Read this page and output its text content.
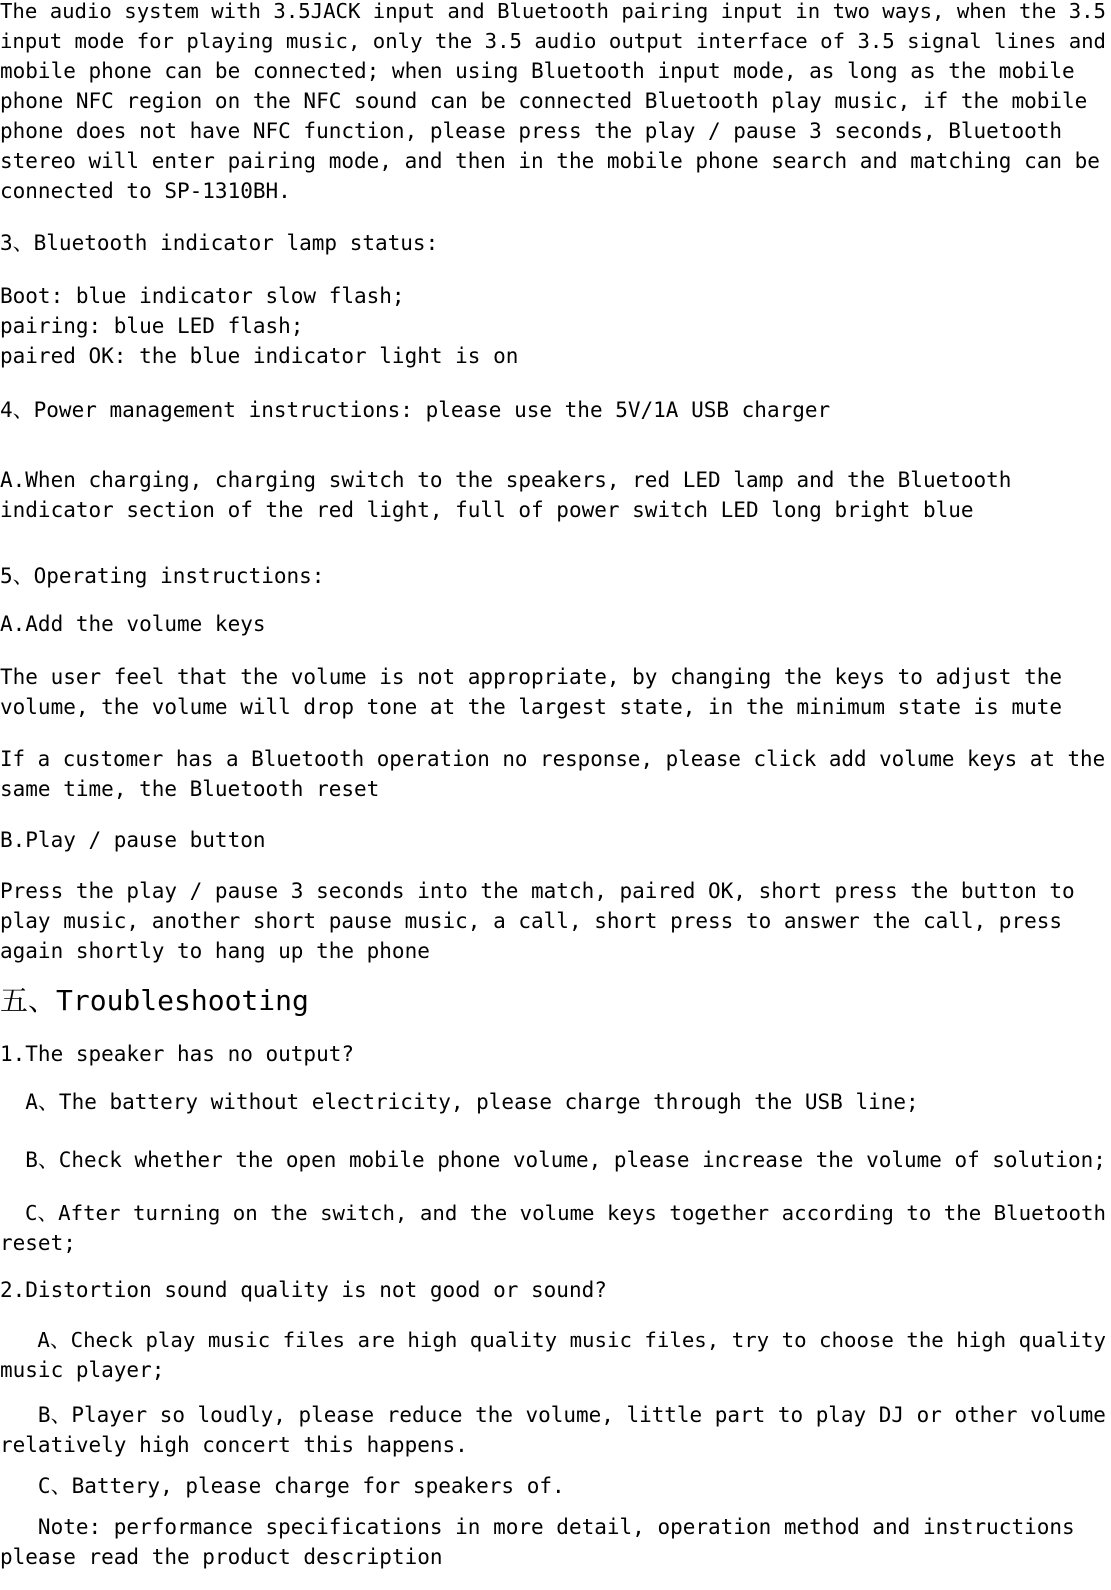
The audio system with 3.5JACK input and Bluetooth pairing input in two ways, when the 3.5
input mode for playing music, only the 3.5 audio output interface of 3.5 signal lines and
mobile phone can be connected; when using Bluetooth input mode, as long as the mobile
phone NFC region on the NFC sound can be connected Bluetooth play music, if the mobile
phone does not have NFC function, please press the play / pause 3 seconds, Bluetooth
stereo will enter pairing mode, and then in the mobile phone search and matching can be
connected to SP-1310BH.
3、Bluetooth indicator lamp status:
Boot: blue indicator slow flash;
pairing: blue LED flash;
paired OK: the blue indicator light is on
4、Power management instructions: please use the 5V/1A USB charger
A.When charging, charging switch to the speakers, red LED lamp and the Bluetooth
indicator section of the red light, full of power switch LED long bright blue
5、Operating instructions:
A.Add the volume keys
The user feel that the volume is not appropriate, by changing the keys to adjust the
volume, the volume will drop tone at the largest state, in the minimum state is mute
If a customer has a Bluetooth operation no response, please click add volume keys at the
same time, the Bluetooth reset
B.Play / pause button
Press the play / pause 3 seconds into the match, paired OK, short press the button to
play music, another short pause music, a call, short press to answer the call, press
again shortly to hang up the phone
五、Troubleshooting
1.The speaker has no output?
A、The battery without electricity, please charge through the USB line;
B、Check whether the open mobile phone volume, please increase the volume of solution;
C、After turning on the switch, and the volume keys together according to the Bluetooth
reset;
2.Distortion sound quality is not good or sound?
A、Check play music files are high quality music files, try to choose the high quality
music player;
B、Player so loudly, please reduce the volume, little part to play DJ or other volume
relatively high concert this happens.
C、Battery, please charge for speakers of.
Note: performance specifications in more detail, operation method and instructions
please read the product description
